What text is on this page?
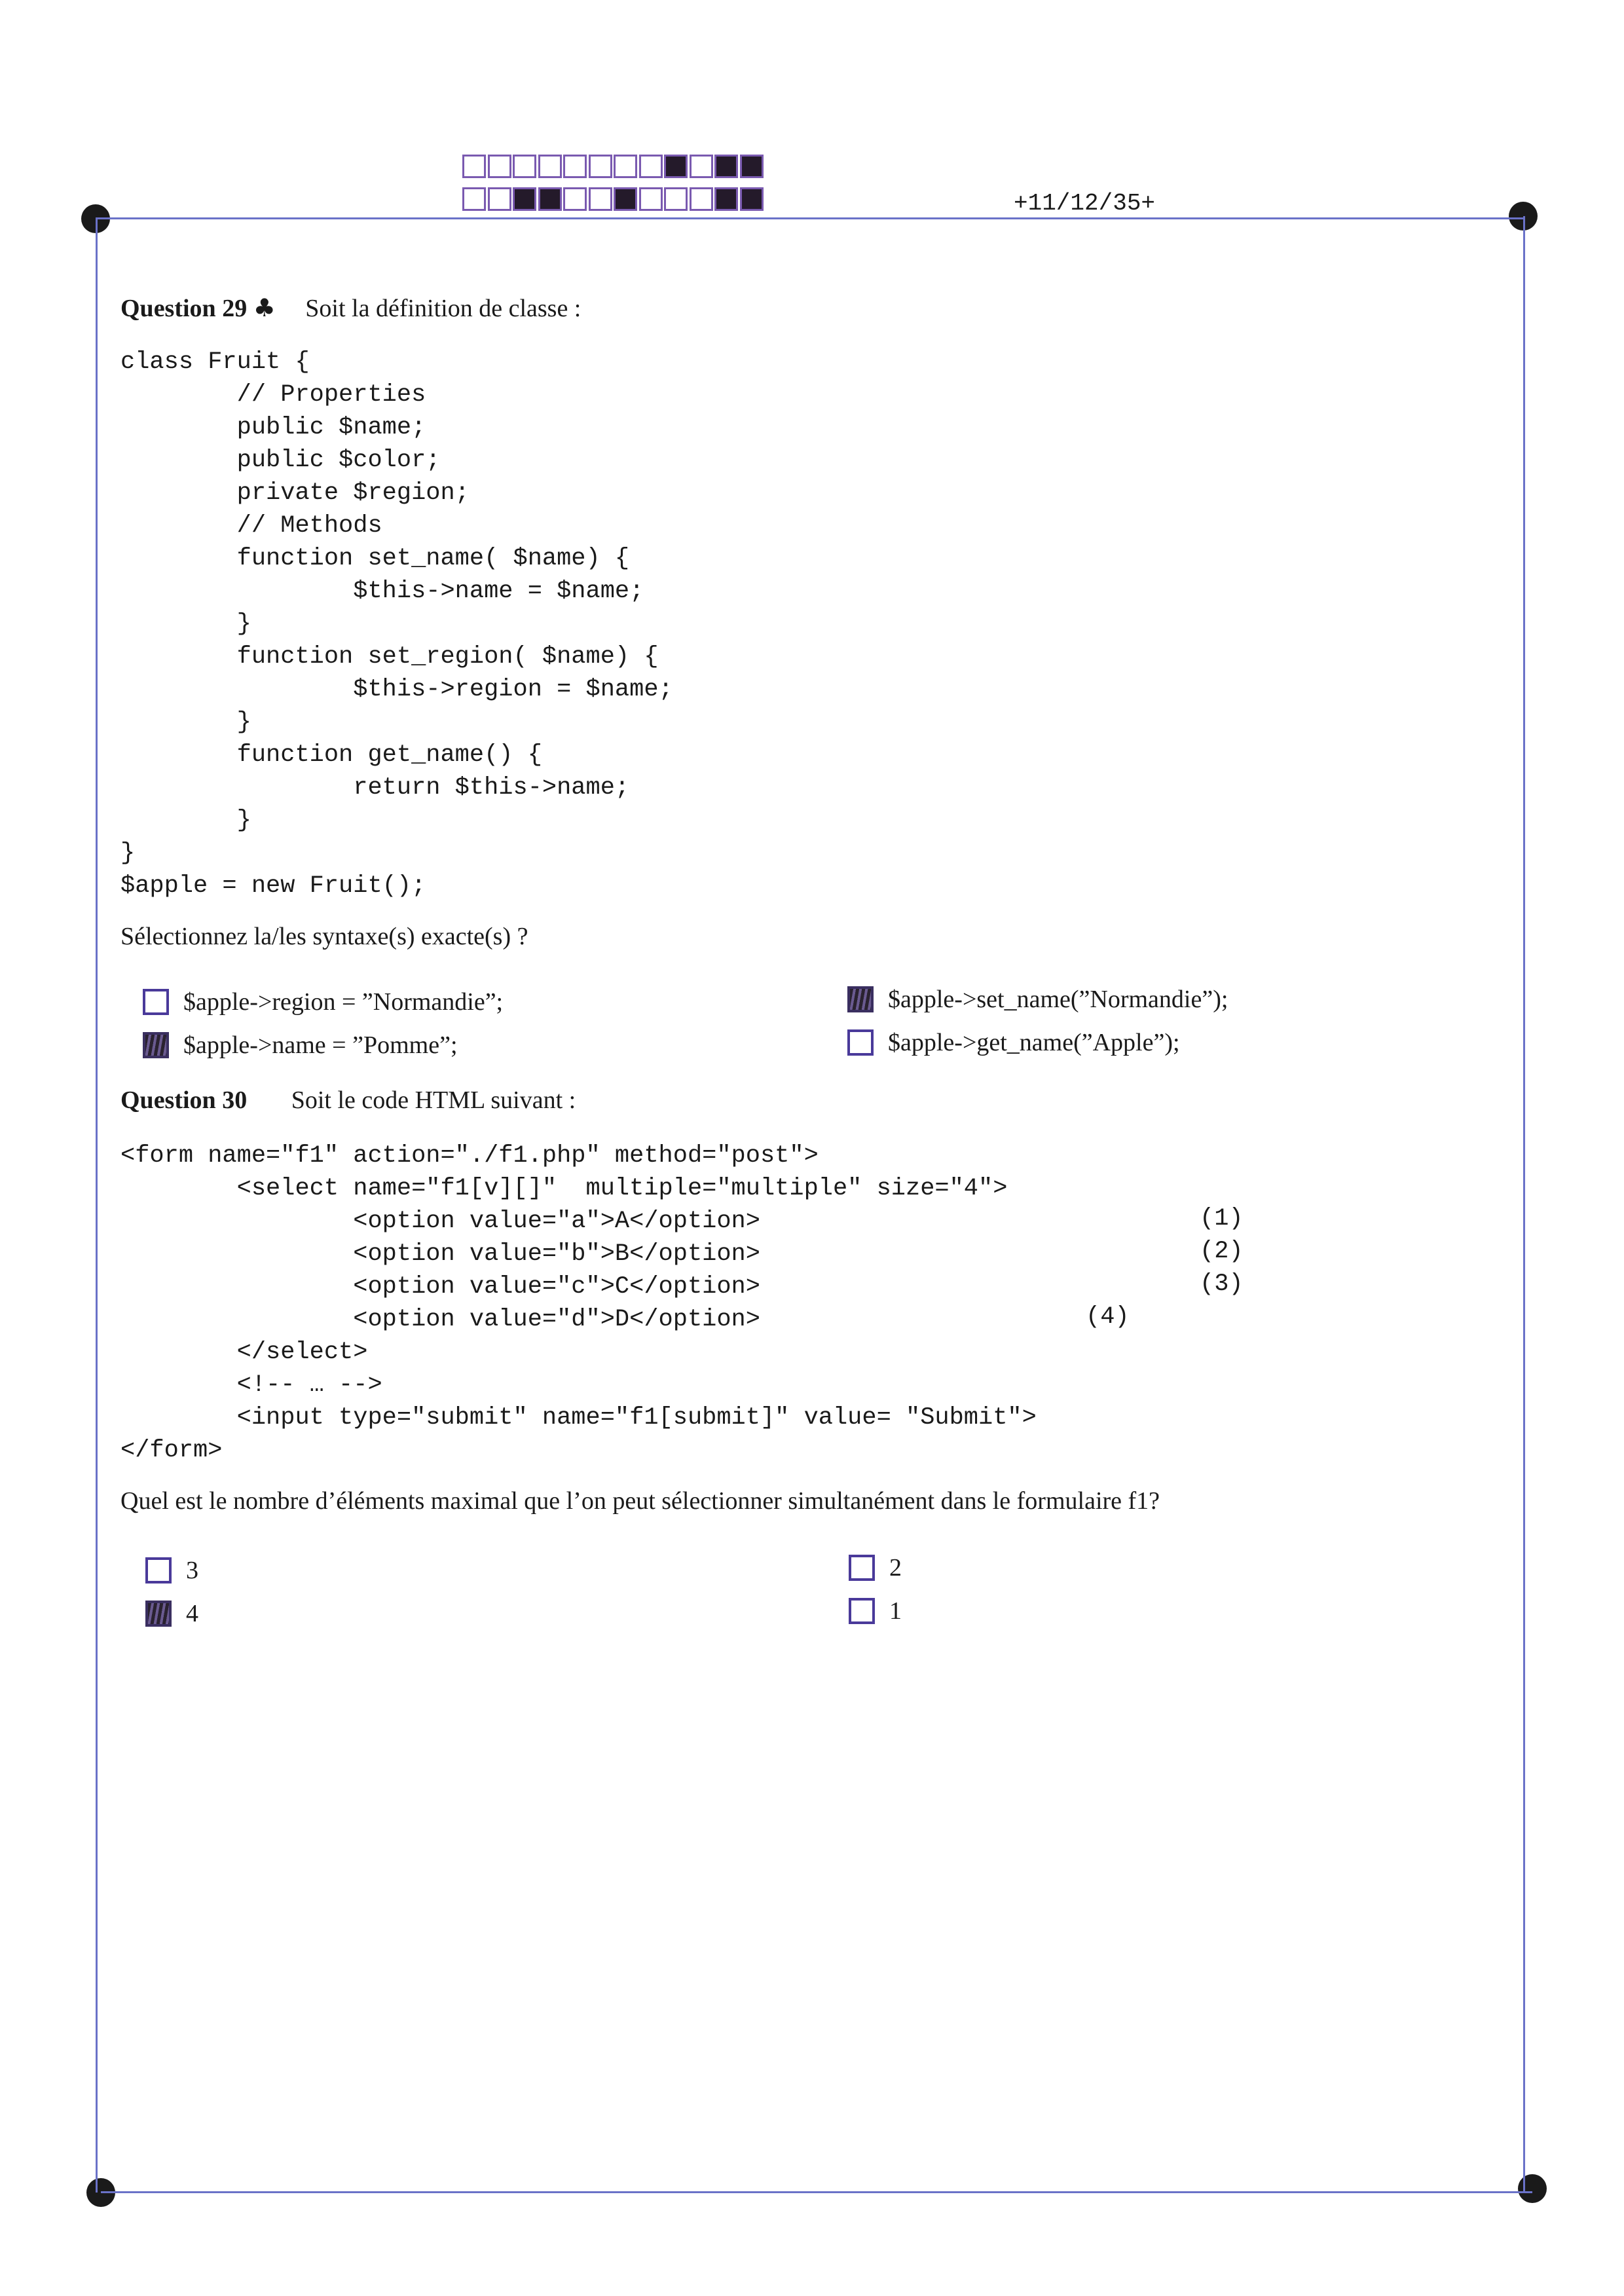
+11/12/35+
Question 29 ♣ Soit la définition de classe :
class Fruit {
// Properties
public $name;
public $color;
private $region;
// Methods
function set_name( $name) {
$this->name = $name;
}
function set_region( $name) {
$this->region = $name;
}
function get_name() {
return $this->name;
}
}
$apple = new Fruit();
Sélectionnez la/les syntaxe(s) exacte(s) ?
$apple->region = ”Normandie”;
$apple->name = ”Pomme”;
$apple->set_name(”Normandie”);
$apple->get_name(”Apple”);
Question 30 Soit le code HTML suivant :
<form name="f1" action="./f1.php" method="post">
<select name="f1[v][]"  multiple="multiple" size="4">
<option value="a">A</option>
<option value="b">B</option>
<option value="c">C</option>
<option value="d">D</option>
</select>
<!-- … -->
<input type="submit" name="f1[submit]" value= "Submit">
</form>
(1)
(2)
(3)
(4)
Quel est le nombre d’éléments maximal que l’on peut sélectionner simultanément dans le formulaire f1?
3
4
2
1
